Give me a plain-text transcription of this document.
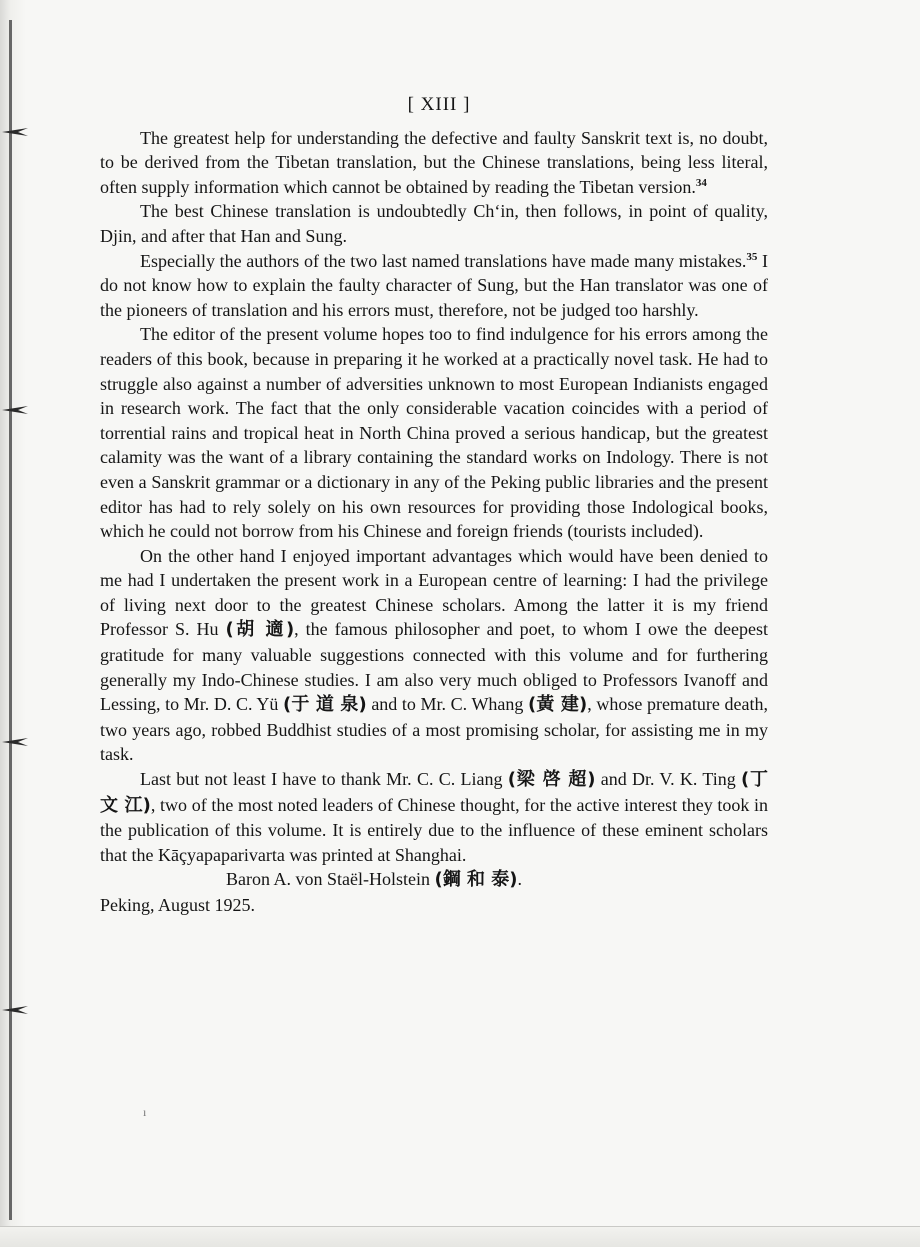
[ XIII ]

The greatest help for understanding the defective and faulty Sanskrit text is, no doubt, to be derived from the Tibetan translation, but the Chinese translations, being less literal, often supply information which cannot be obtained by reading the Tibetan version.$^{34}$

The best Chinese translation is undoubtedly Ch‘in, then follows, in point of quality, Djin, and after that Han and Sung.

Especially the authors of the two last named translations have made many mistakes.$^{35}$ I do not know how to explain the faulty character of Sung, but the Han translator was one of the pioneers of translation and his errors must, therefore, not be judged too harshly.

The editor of the present volume hopes too to find indulgence for his errors among the readers of this book, because in preparing it he worked at a practically novel task. He had to struggle also against a number of adversities unknown to most European Indianists engaged in research work. The fact that the only considerable vacation coincides with a period of torrential rains and tropical heat in North China proved a serious handicap, but the greatest calamity was the want of a library containing the standard works on Indology. There is not even a Sanskrit grammar or a dictionary in any of the Peking public libraries and the present editor has had to rely solely on his own resources for providing those Indological books, which he could not borrow from his Chinese and foreign friends (tourists included).

On the other hand I enjoyed important advantages which would have been denied to me had I undertaken the present work in a European centre of learning: I had the privilege of living next door to the greatest Chinese scholars. Among the latter it is my friend Professor S. Hu (胡 適), the famous philosopher and poet, to whom I owe the deepest gratitude for many valuable suggestions connected with this volume and for furthering generally my Indo-Chinese studies. I am also very much obliged to Professors Ivanoff and Lessing, to Mr. D. C. Yü (于 道 泉) and to Mr. C. Whang (黃 建), whose premature death, two years ago, robbed Buddhist studies of a most promising scholar, for assisting me in my task.

Last but not least I have to thank Mr. C. C. Liang (梁 啓 超) and Dr. V. K. Ting (丁 文 江), two of the most noted leaders of Chinese thought, for the active interest they took in the publication of this volume. It is entirely due to the influence of these eminent scholars that the Kāçyapaparivarta was printed at Shanghai.

Baron A. von Staël-Holstein (鋼 和 泰).

Peking, August 1925.

ı
